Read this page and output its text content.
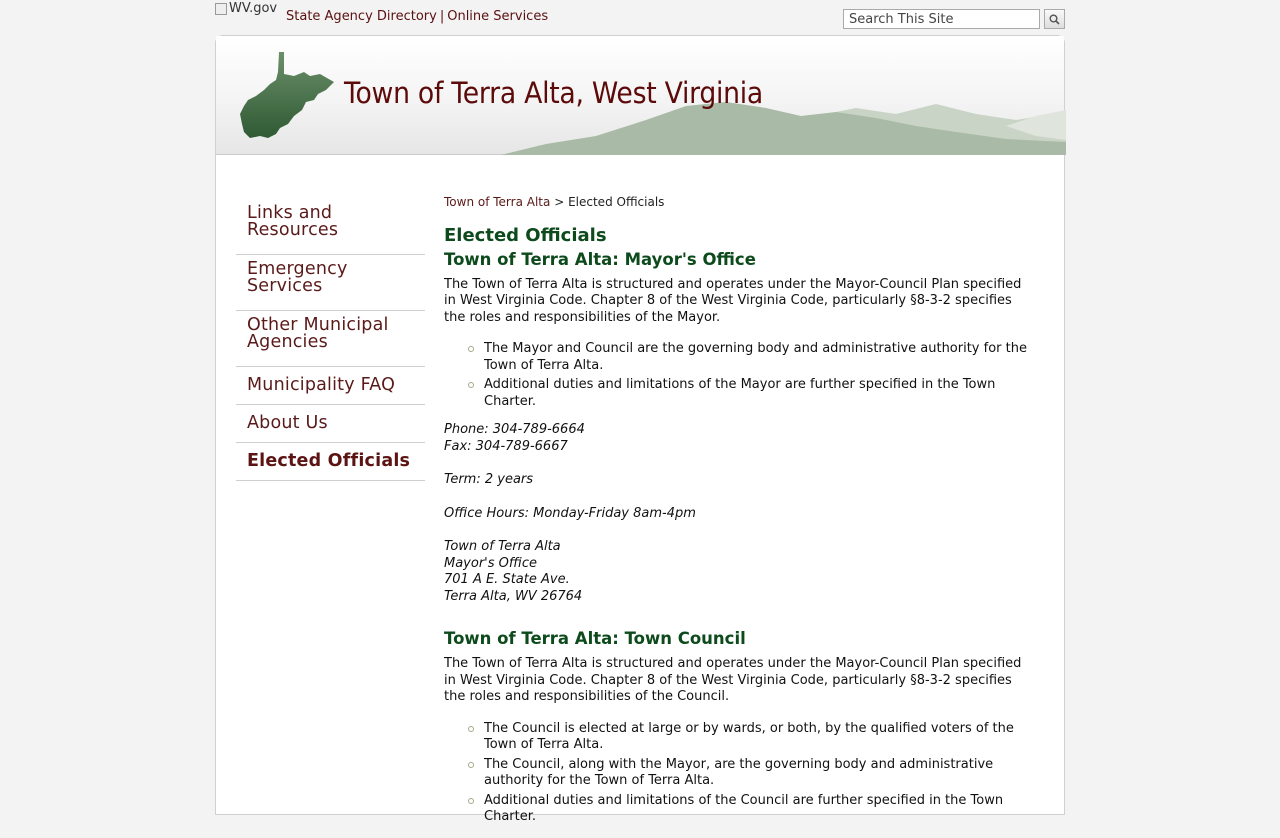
WV.gov
State Agency Directory | Online Services
Search This Site
Town of Terra Alta, West Virginia
Links and Resources
Emergency Services
Other Municipal Agencies
Municipality FAQ
About Us
Elected Officials
Town of Terra Alta > Elected Officials
Elected Officials
Town of Terra Alta: Mayor's Office

The Town of Terra Alta is structured and operates under the Mayor-Council Plan specified in West Virginia Code. Chapter 8 of the West Virginia Code, particularly §8-3-2 specifies the roles and responsibilities of the Mayor.

The Mayor and Council are the governing body and administrative authority for the Town of Terra Alta.
Additional duties and limitations of the Mayor are further specified in the Town Charter.
Phone: 304-789-6664
Fax: 304-789-6667
Term: 2 years
Office Hours: Monday-Friday 8am-4pm
Town of Terra Alta
Mayor's Office
701 A E. State Ave.
Terra Alta, WV 26764
Town of Terra Alta: Town Council

The Town of Terra Alta is structured and operates under the Mayor-Council Plan specified in West Virginia Code. Chapter 8 of the West Virginia Code, particularly §8-3-2 specifies the roles and responsibilities of the Council.

The Council is elected at large or by wards, or both, by the qualified voters of the Town of Terra Alta.
The Council, along with the Mayor, are the governing body and administrative authority for the Town of Terra Alta.
Additional duties and limitations of the Council are further specified in the Town Charter.
